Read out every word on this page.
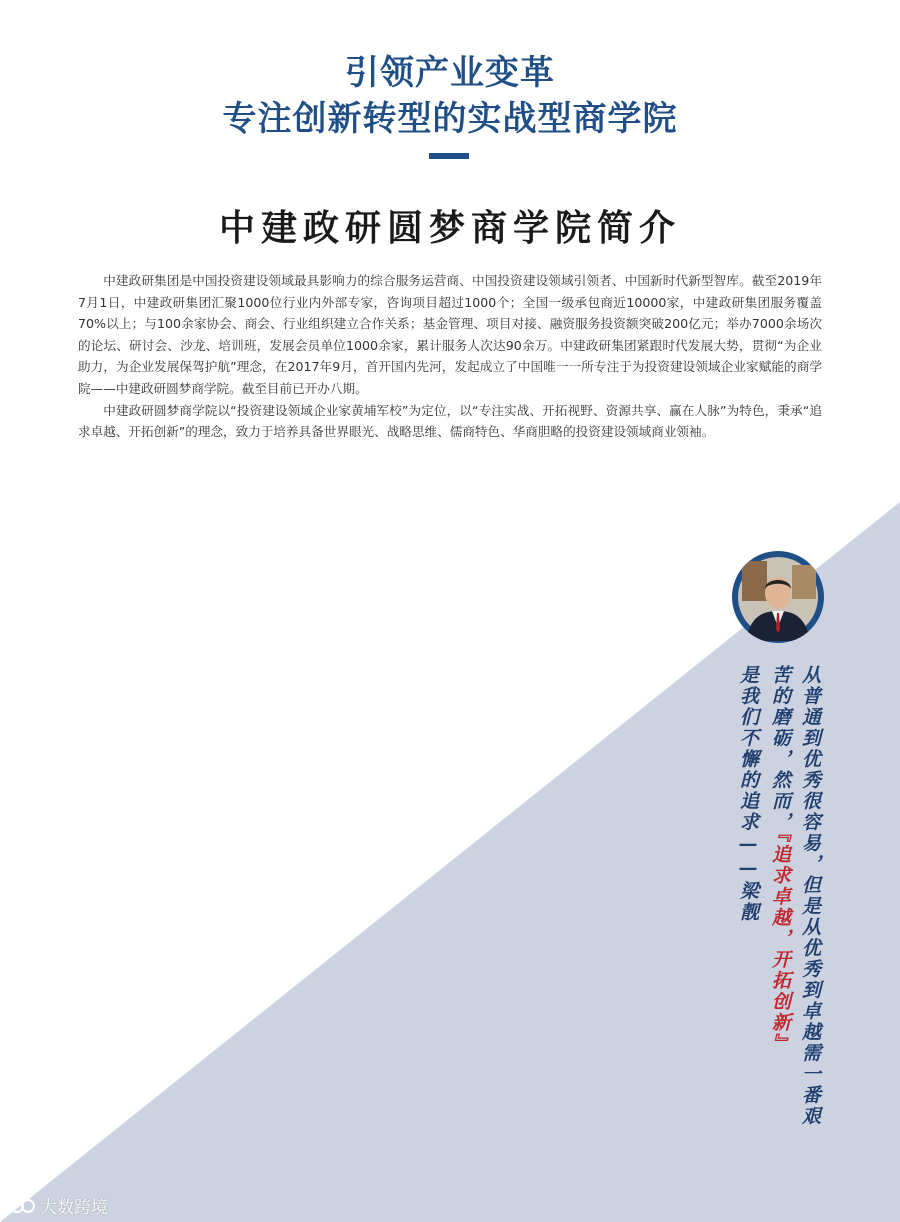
引领产业变革
专注创新转型的实战型商学院
中建政研圆梦商学院简介

中建政研集团是中国投资建设领域最具影响力的综合服务运营商、中国投资建设领域引领者、中国新时代新型智库。截至2019年7月1日，中建政研集团汇聚1000位行业内外部专家，咨询项目超过1000个；全国一级承包商近10000家，中建政研集团服务覆盖70%以上；与100余家协会、商会、行业组织建立合作关系；基金管理、项目对接、融资服务投资额突破200亿元；举办7000余场次的论坛、研讨会、沙龙、培训班，发展会员单位1000余家，累计服务人次达90余万。中建政研集团紧跟时代发展大势，贯彻“为企业助力，为企业发展保驾护航”理念，在2017年9月，首开国内先河，发起成立了中国唯一一所专注于为投资建设领域企业家赋能的商学院——中建政研圆梦商学院。截至目前已开办八期。

中建政研圆梦商学院以“投资建设领域企业家黄埔军校”为定位，以“专注实战、开拓视野、资源共享、赢在人脉”为特色，秉承“追求卓越、开拓创新”的理念，致力于培养具备世界眼光、战略思维、儒商特色、华商胆略的投资建设领域商业领袖。

从普通到优秀很容易，但是从优秀到卓越需一番艰
苦的磨砺，然而，『追求卓越，开拓创新』
是我们不懈的追求——梁靓
大数跨境
